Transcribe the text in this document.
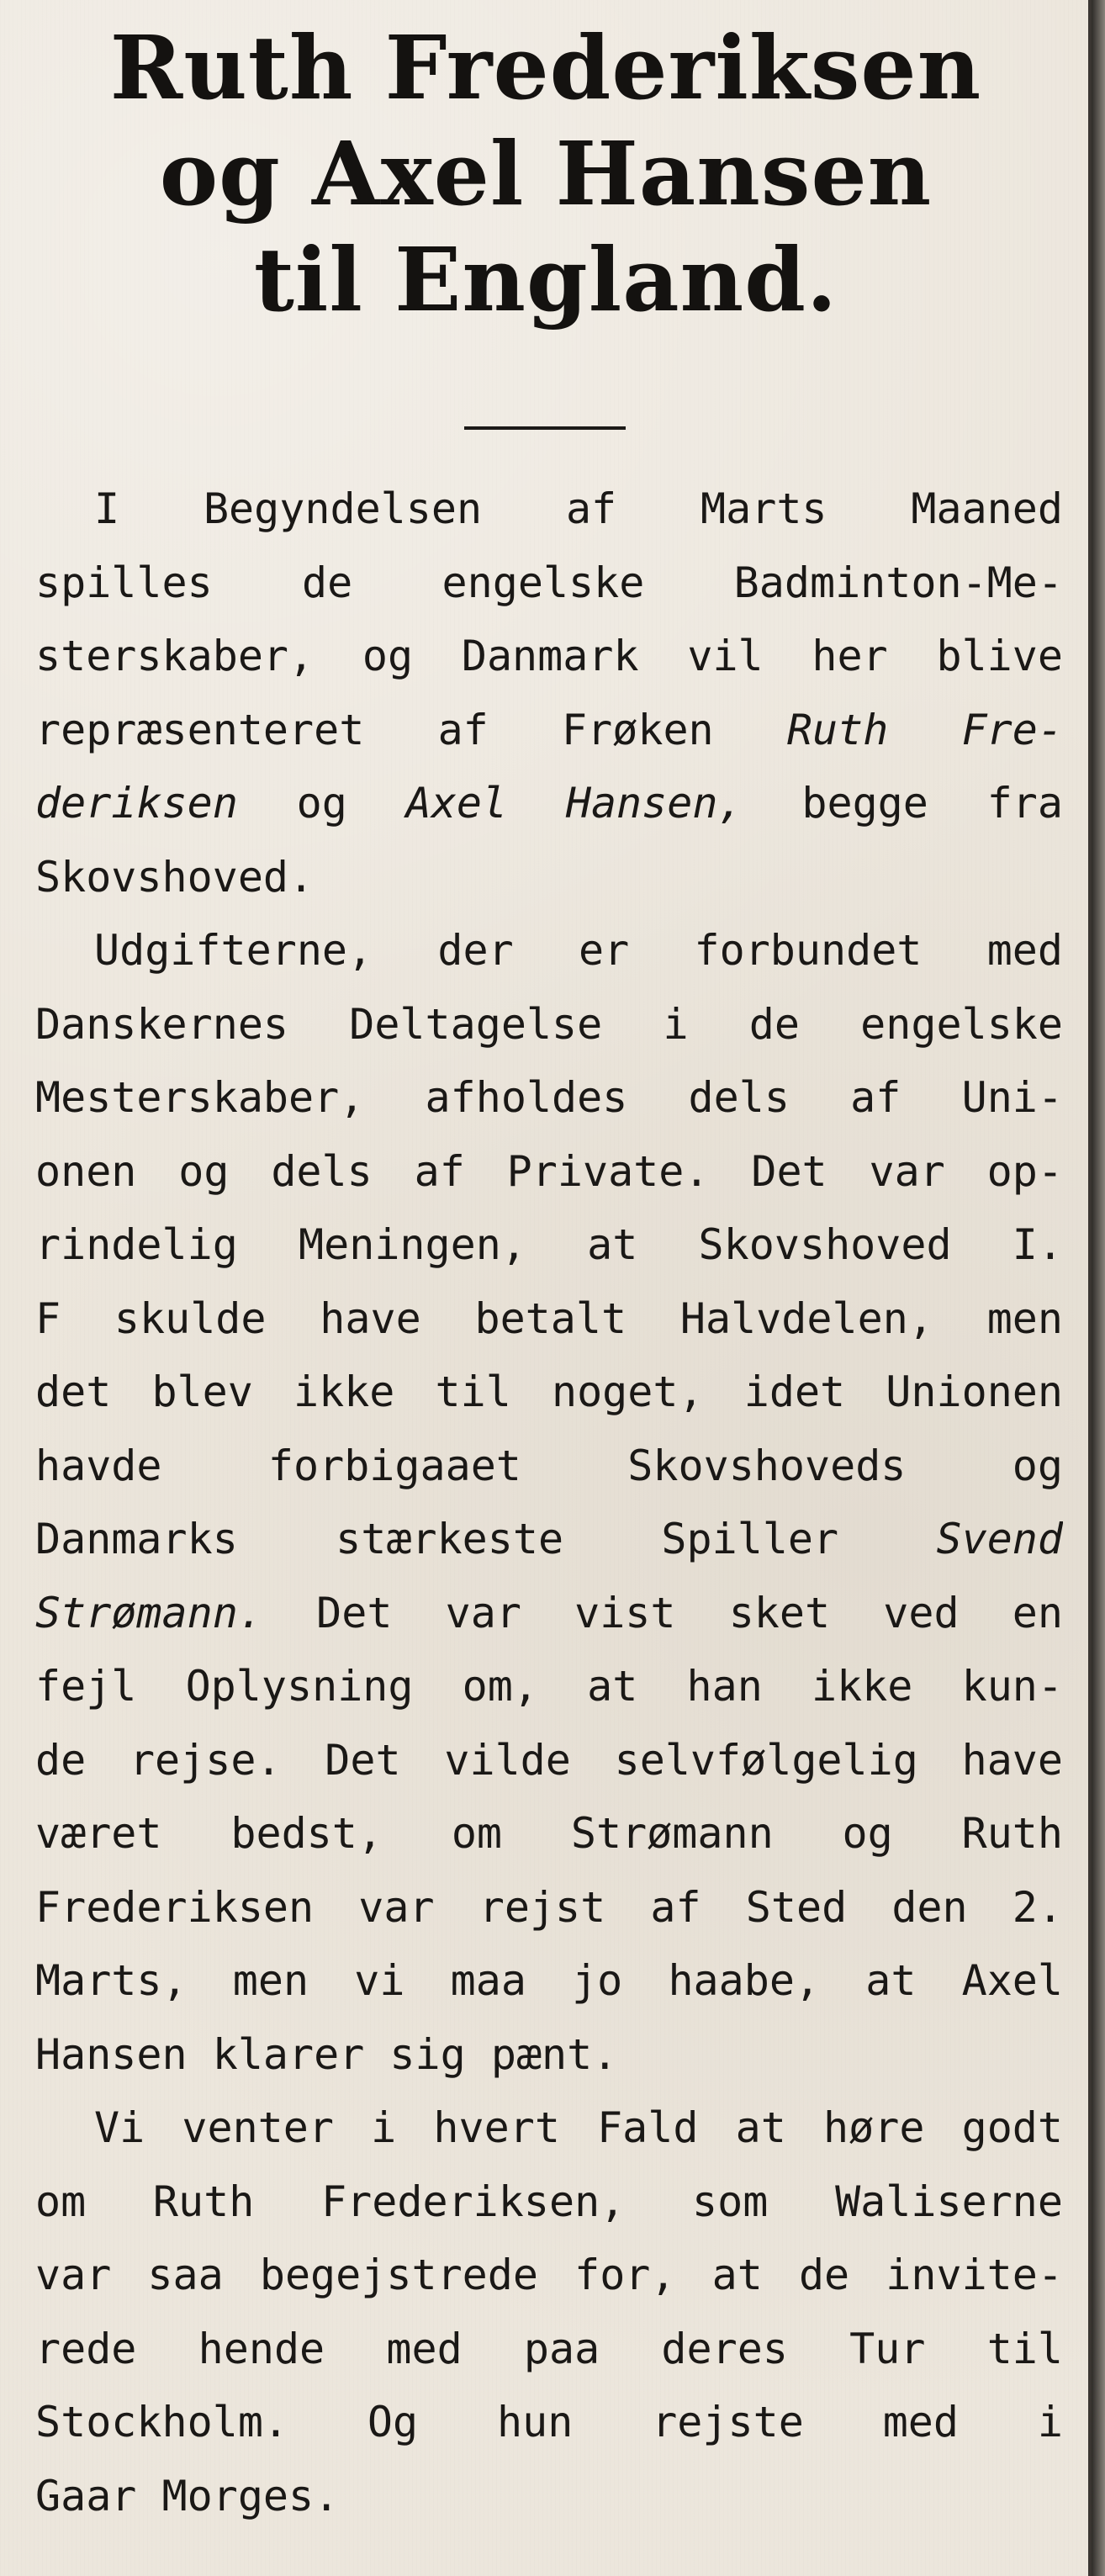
Ruth Frederiksen
og Axel Hansen
til England.
I Begyndelsen af Marts Maaned
spilles de engelske Badminton-Me-
sterskaber, og Danmark vil her blive
repræsenteret af Frøken Ruth Fre-
deriksen og Axel Hansen, begge fra
Skovshoved.
Udgifterne, der er forbundet med
Danskernes Deltagelse i de engelske
Mesterskaber, afholdes dels af Uni-
onen og dels af Private. Det var op-
rindelig Meningen, at Skovshoved I.
F skulde have betalt Halvdelen, men
det blev ikke til noget, idet Unionen
havde forbigaaet Skovshoveds og
Danmarks stærkeste Spiller Svend
Strømann. Det var vist sket ved en
fejl Oplysning om, at han ikke kun-
de rejse. Det vilde selvfølgelig have
været bedst, om Strømann og Ruth
Frederiksen var rejst af Sted den 2.
Marts, men vi maa jo haabe, at Axel
Hansen klarer sig pænt.
Vi venter i hvert Fald at høre godt
om Ruth Frederiksen, som Waliserne
var saa begejstrede for, at de invite-
rede hende med paa deres Tur til
Stockholm. Og hun rejste med i
Gaar Morges.
